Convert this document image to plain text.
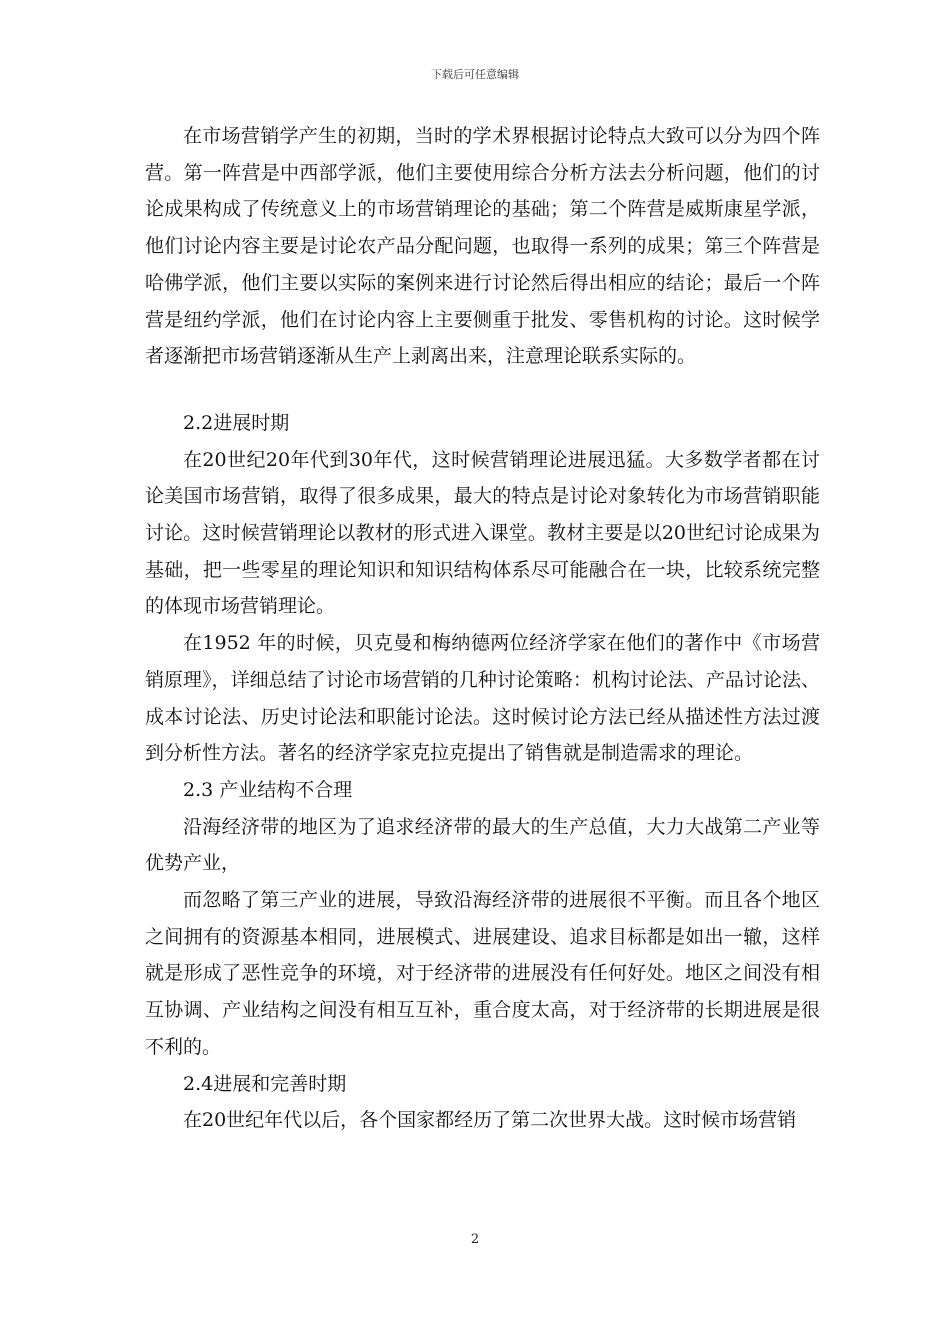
下载后可任意编辑

在市场营销学产生的初期，当时的学术界根据讨论特点大致可以分为四个阵营。第一阵营是中西部学派，他们主要使用综合分析方法去分析问题，他们的讨论成果构成了传统意义上的市场营销理论的基础；第二个阵营是威斯康星学派，他们讨论内容主要是讨论农产品分配问题，也取得一系列的成果；第三个阵营是哈佛学派，他们主要以实际的案例来进行讨论然后得出相应的结论；最后一个阵营是纽约学派，他们在讨论内容上主要侧重于批发、零售机构的讨论。这时候学者逐渐把市场营销逐渐从生产上剥离出来，注意理论联系实际的。

2.2进展时期

在20世纪20年代到30年代，这时候营销理论进展迅猛。大多数学者都在讨论美国市场营销，取得了很多成果，最大的特点是讨论对象转化为市场营销职能讨论。这时候营销理论以教材的形式进入课堂。教材主要是以20世纪讨论成果为基础，把一些零星的理论知识和知识结构体系尽可能融合在一块，比较系统完整的体现市场营销理论。

在1952 年的时候，贝克曼和梅纳德两位经济学家在他们的著作中《市场营销原理》，详细总结了讨论市场营销的几种讨论策略：机构讨论法、产品讨论法、成本讨论法、历史讨论法和职能讨论法。这时候讨论方法已经从描述性方法过渡到分析性方法。著名的经济学家克拉克提出了销售就是制造需求的理论。

2.3 产业结构不合理

沿海经济带的地区为了追求经济带的最大的生产总值，大力大战第二产业等优势产业，

而忽略了第三产业的进展，导致沿海经济带的进展很不平衡。而且各个地区之间拥有的资源基本相同，进展模式、进展建设、追求目标都是如出一辙，这样就是形成了恶性竞争的环境，对于经济带的进展没有任何好处。地区之间没有相互协调、产业结构之间没有相互互补，重合度太高，对于经济带的长期进展是很不利的。

2.4进展和完善时期

在20世纪年代以后，各个国家都经历了第二次世界大战。这时候市场营销

2
